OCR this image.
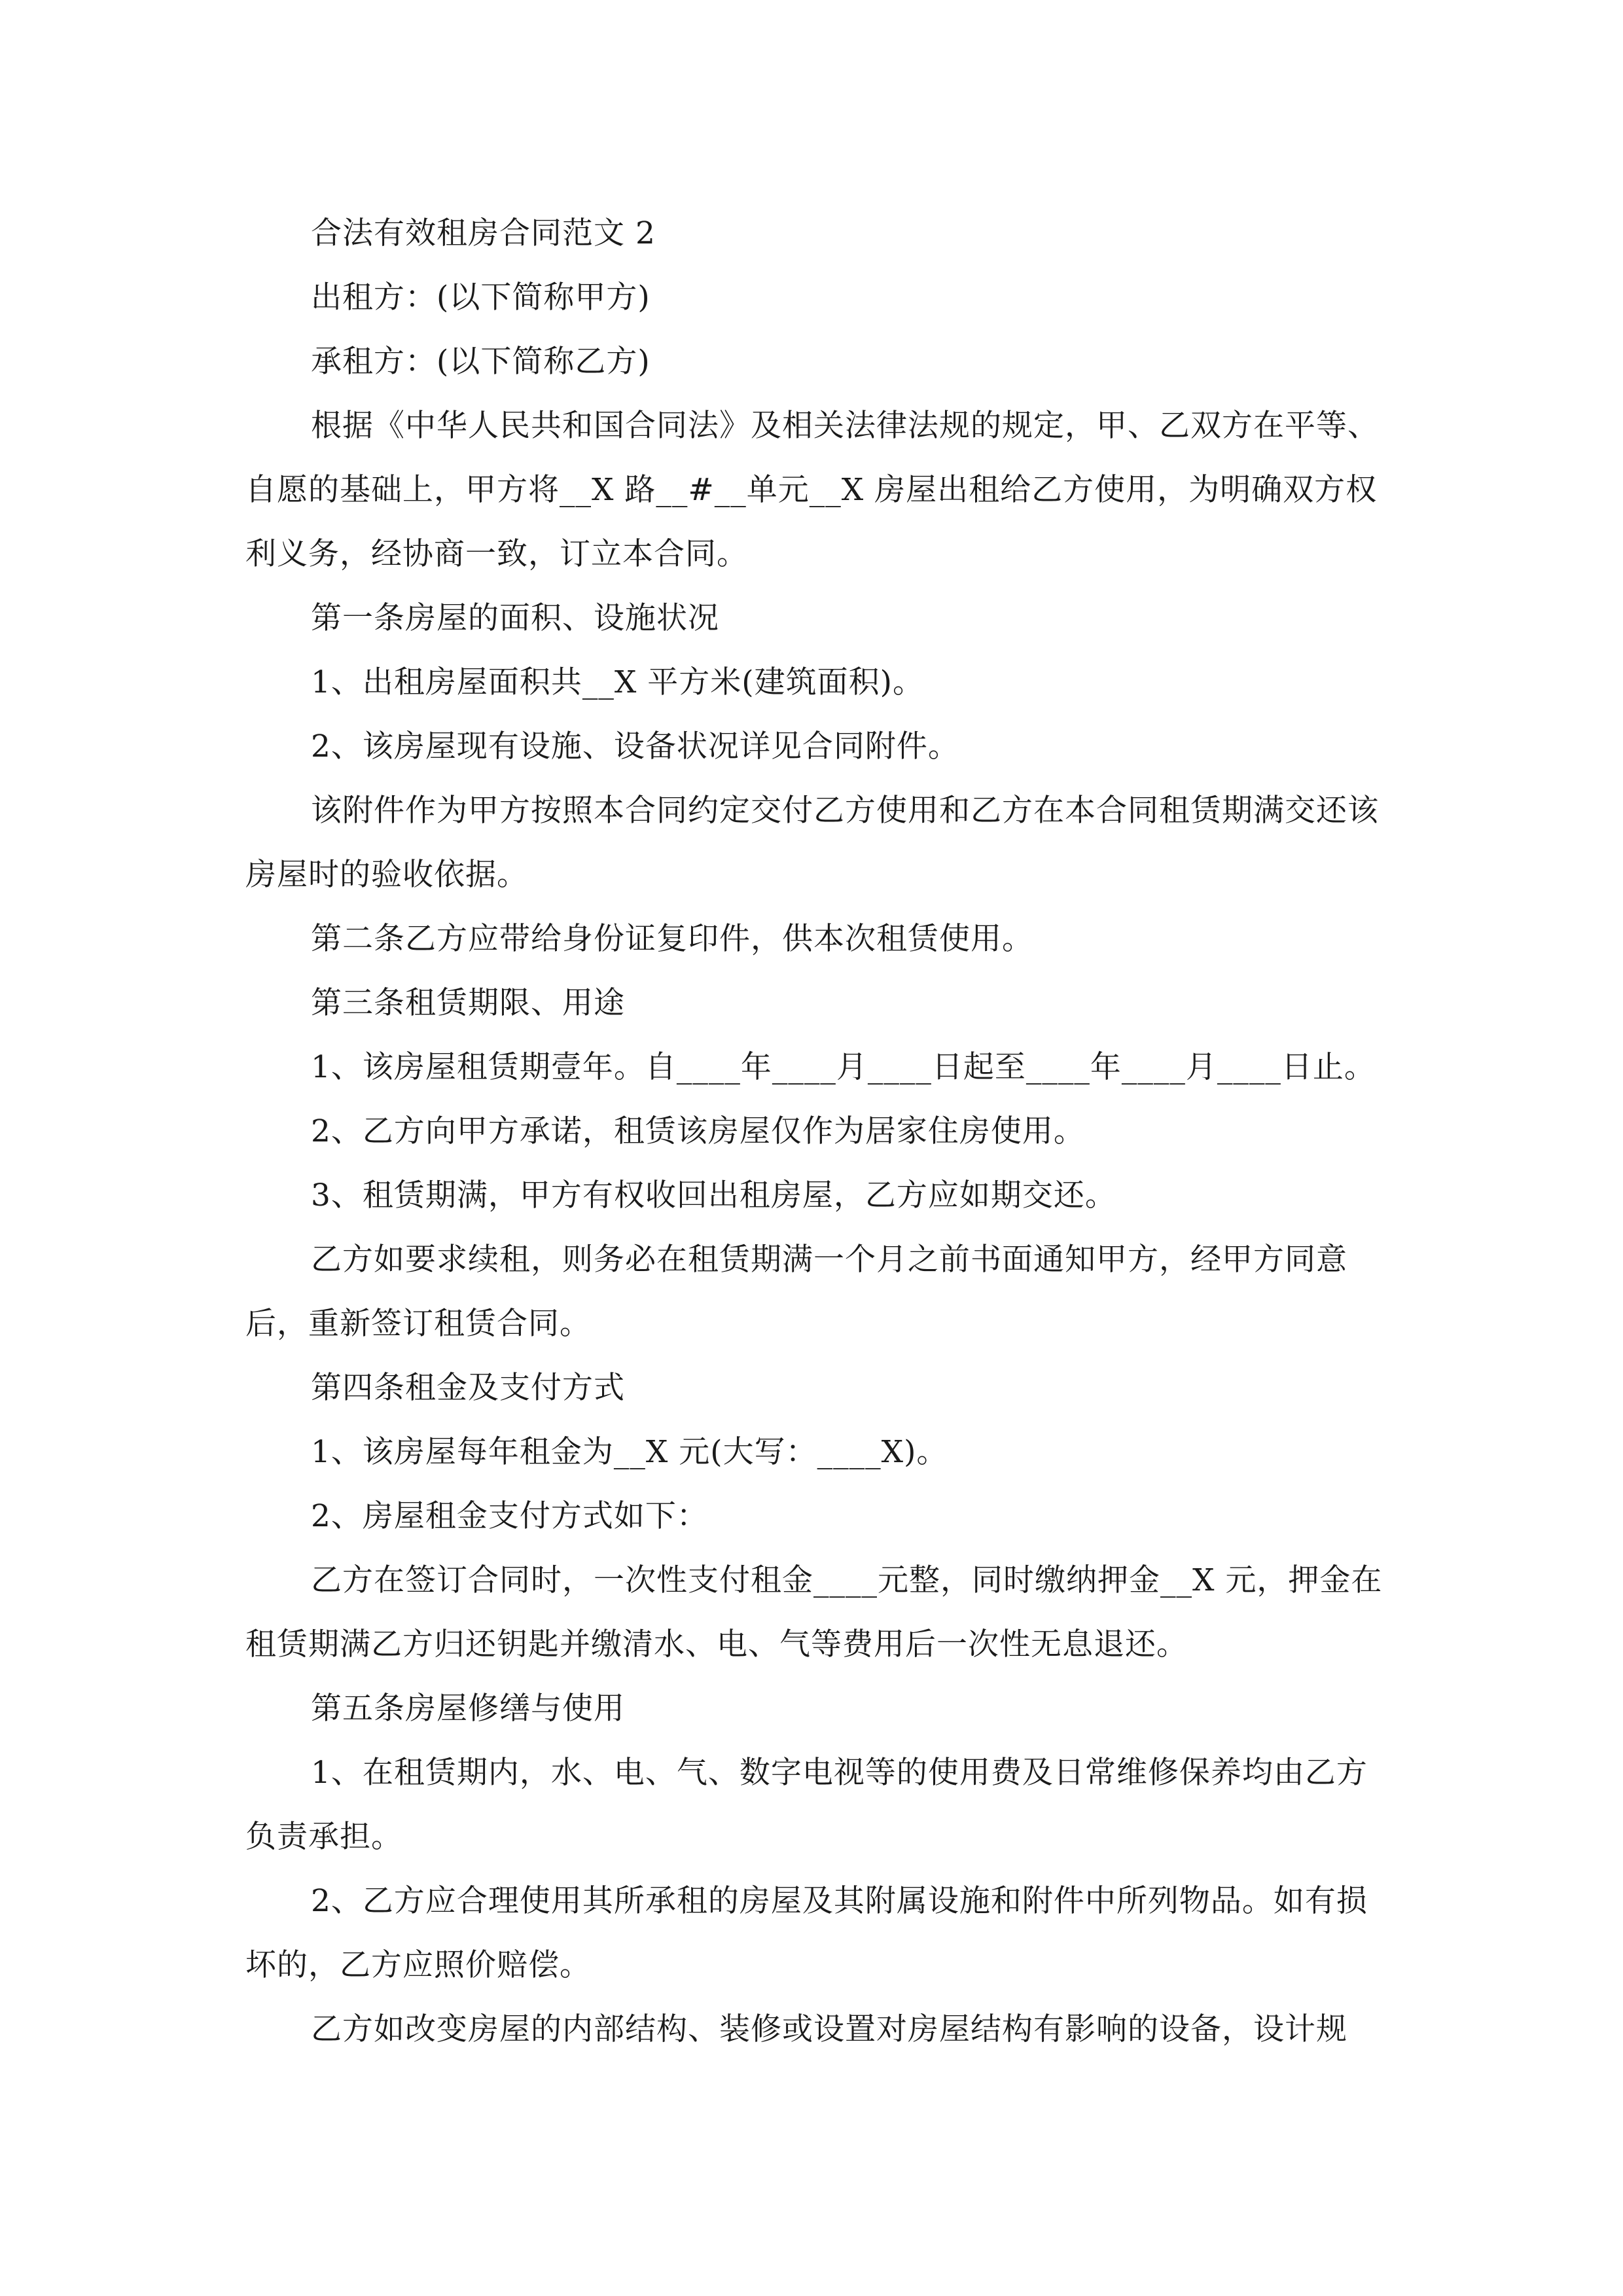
合法有效租房合同范文 2

出租方：(以下简称甲方)

承租方：(以下简称乙方)

根据《中华人民共和国合同法》及相关法律法规的规定，甲、乙双方在平等、自愿的基础上，甲方将__X 路__#__单元__X 房屋出租给乙方使用，为明确双方权利义务，经协商一致，订立本合同。

第一条房屋的面积、设施状况

1、出租房屋面积共__X 平方米(建筑面积)。

2、该房屋现有设施、设备状况详见合同附件。

该附件作为甲方按照本合同约定交付乙方使用和乙方在本合同租赁期满交还该房屋时的验收依据。

第二条乙方应带给身份证复印件，供本次租赁使用。

第三条租赁期限、用途

1、该房屋租赁期壹年。自____年____月____日起至____年____月____日止。

2、乙方向甲方承诺，租赁该房屋仅作为居家住房使用。

3、租赁期满，甲方有权收回出租房屋，乙方应如期交还。

乙方如要求续租，则务必在租赁期满一个月之前书面通知甲方，经甲方同意后，重新签订租赁合同。

第四条租金及支付方式

1、该房屋每年租金为__X 元(大写：____X)。

2、房屋租金支付方式如下：

乙方在签订合同时，一次性支付租金____元整，同时缴纳押金__X 元，押金在租赁期满乙方归还钥匙并缴清水、电、气等费用后一次性无息退还。

第五条房屋修缮与使用

1、在租赁期内，水、电、气、数字电视等的使用费及日常维修保养均由乙方负责承担。

2、乙方应合理使用其所承租的房屋及其附属设施和附件中所列物品。如有损坏的，乙方应照价赔偿。

乙方如改变房屋的内部结构、装修或设置对房屋结构有影响的设备，设计规
